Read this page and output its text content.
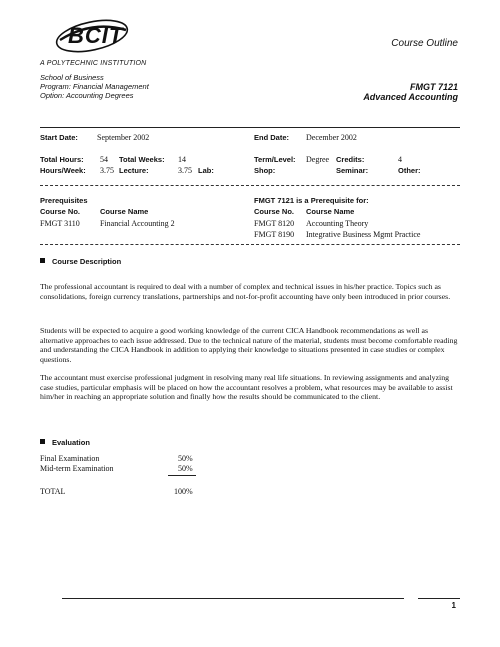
BCIT
A POLYTECHNIC INSTITUTION
Course Outline
School of Business
Program: Financial Management
Option: Accounting Degrees
FMGT 7121
Advanced Accounting
Start Date: September 2002	End Date: December 2002
Total Hours: 54 Total Weeks: 14	Term/Level: Degree Credits:	4
Hours/Week: 3.75 Lecture:	3.75 Lab:	Shop:	Seminar:	Other:
Prerequisites
Course No.	Course Name
FMGT 3110	Financial Accounting 2
FMGT 7121 is a Prerequisite for:
Course No. Course Name
FMGT 8120 Accounting Theory
FMGT 8190 Integrative Business Mgmt Practice
Course Description
The professional accountant is required to deal with a number of complex and technical issues in his/her practice. Topics such as consolidations, foreign currency translations, partnerships and not-for-profit accounting have only been introduced in prior courses.
Students will be expected to acquire a good working knowledge of the current CICA Handbook recommendations as well as alternative approaches to each issue addressed. Due to the technical nature of the material, students must become comfortable reading and understanding the CICA Handbook in addition to applying their knowledge to situations presented in case studies or complex questions.
The accountant must exercise professional judgment in resolving many real life situations. In reviewing assignments and analyzing case studies, particular emphasis will be placed on how the accountant resolves a problem, what resources may be available to assist him/her in reaching an appropriate solution and finally how the results should be communicated to the client.
Evaluation
Final Examination	50%
Mid-term Examination	50%
TOTAL	100%
1
